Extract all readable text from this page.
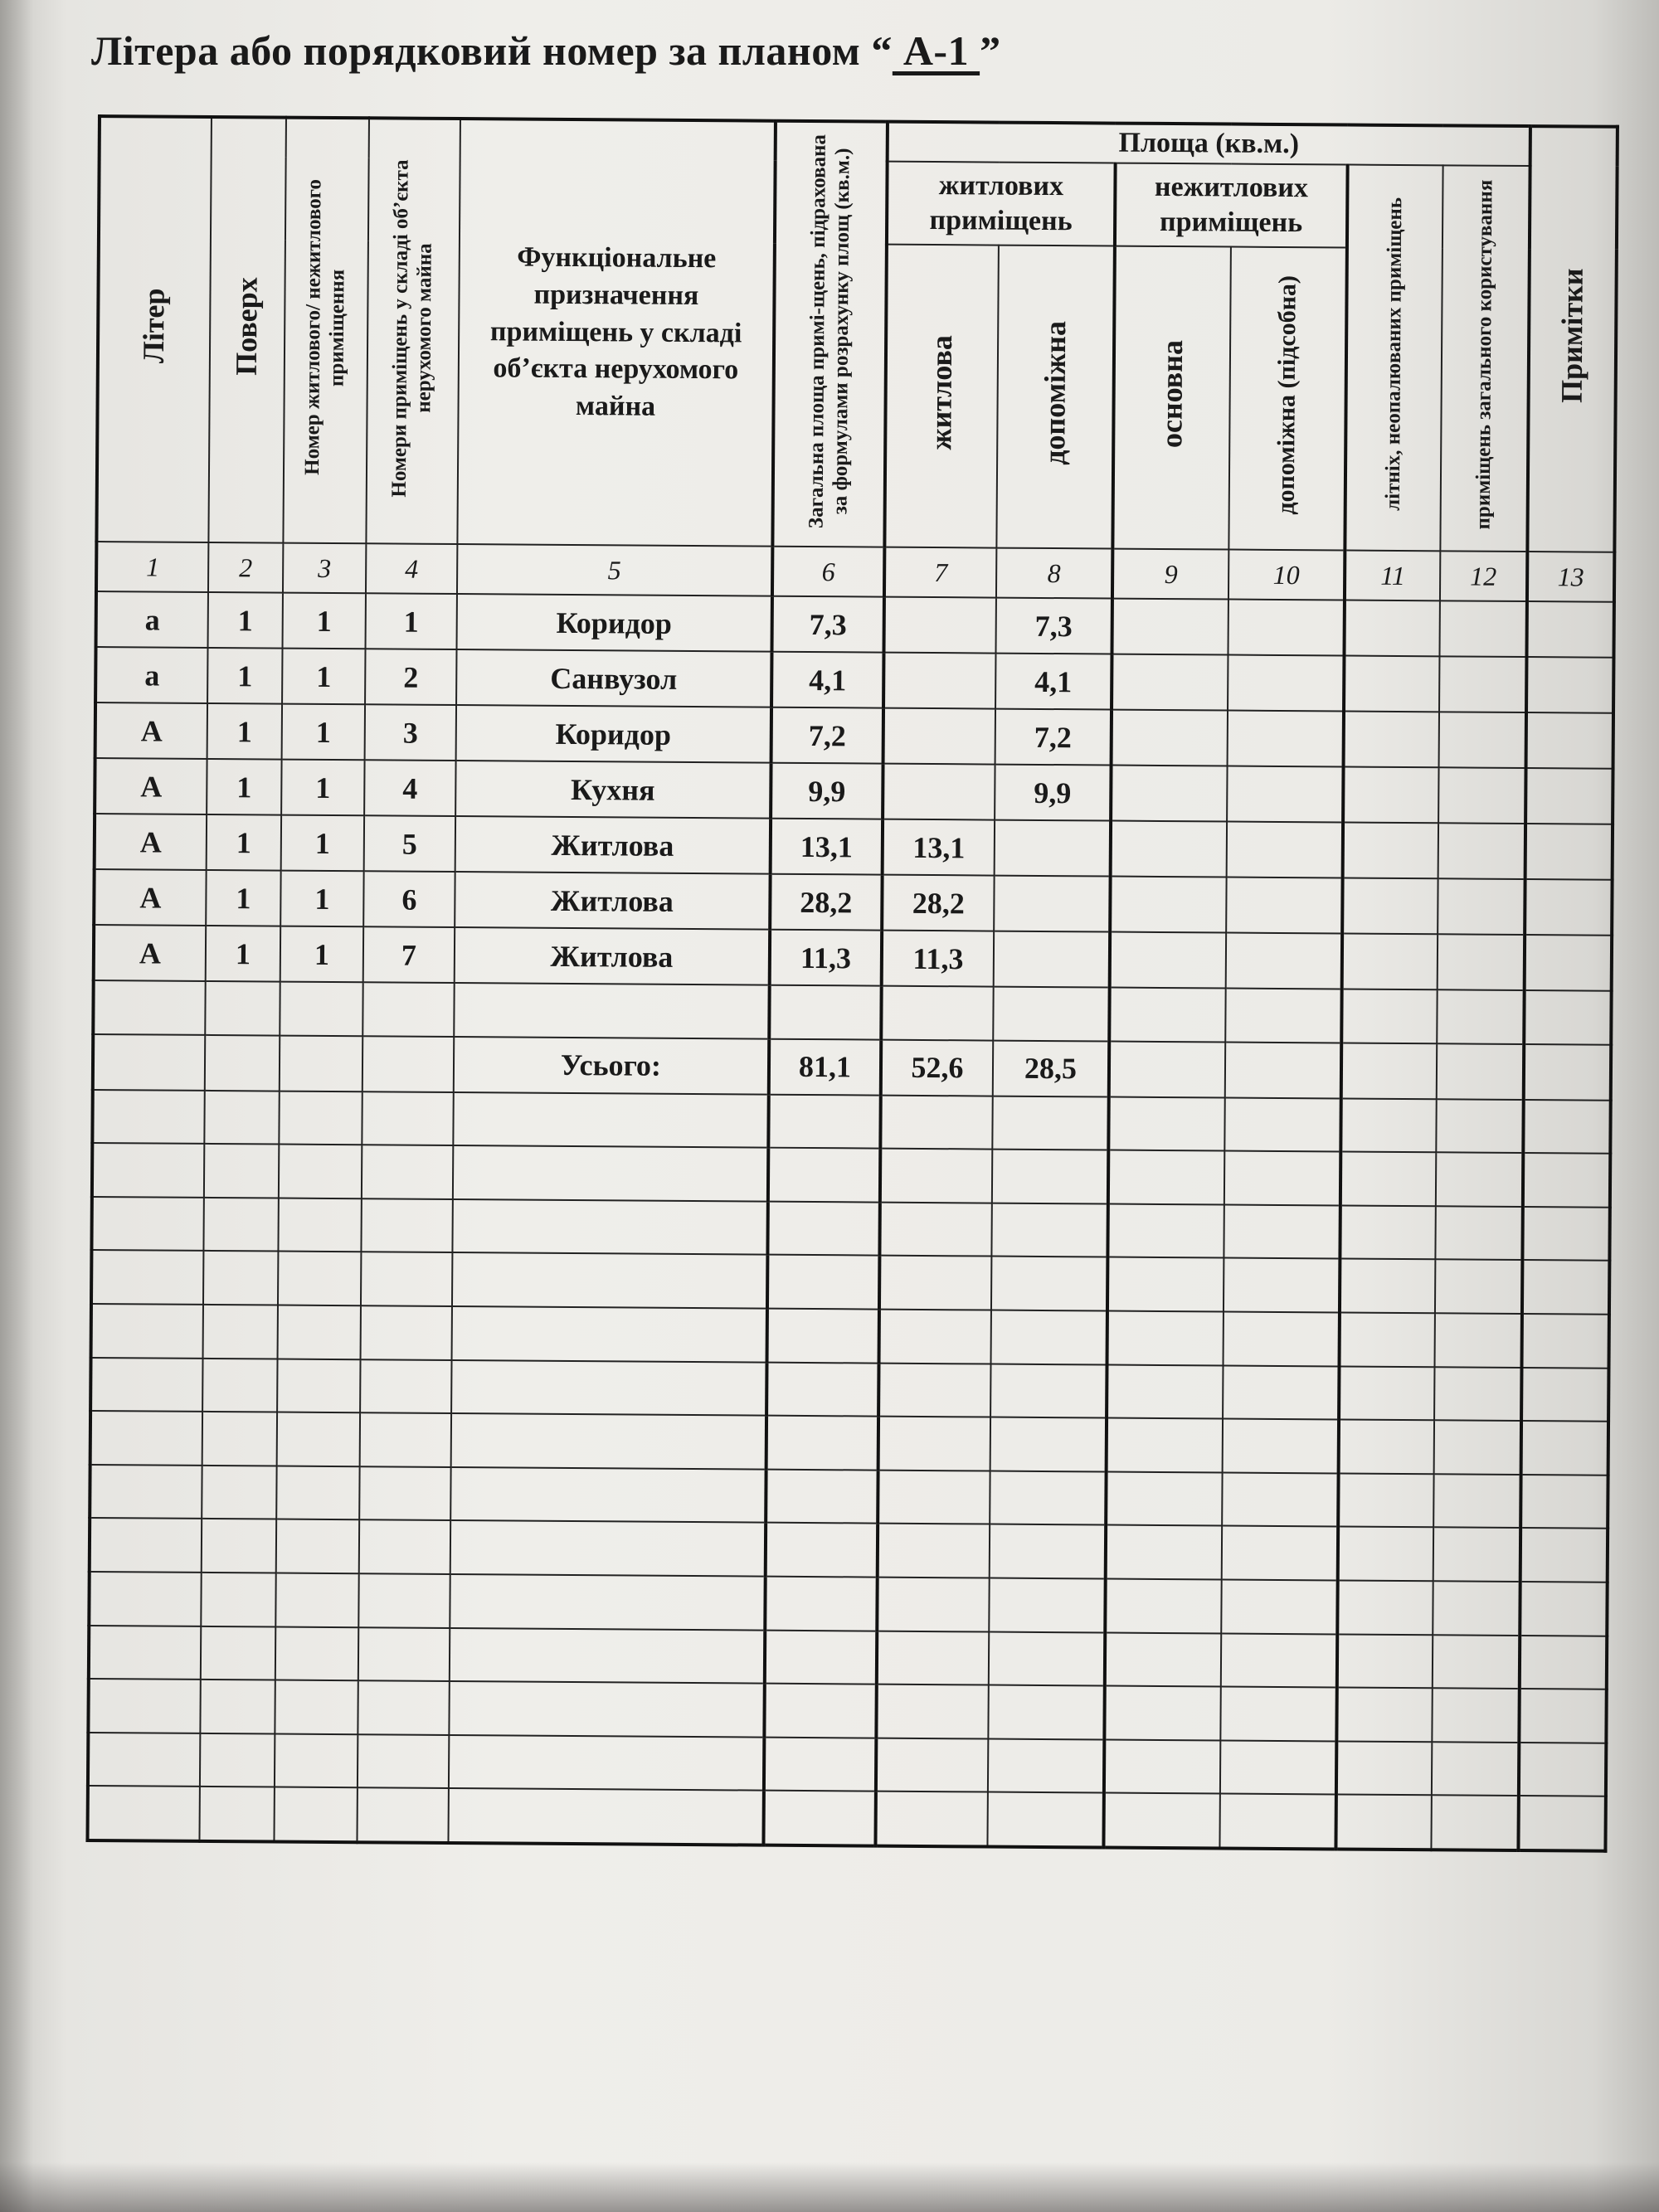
Літера або порядковий номер за планом “ А-1 ”
Літер	Поверх	Номер житлового/ нежитлового приміщення	Номери приміщень у складі об’єкта нерухомого майна	Функціональне призначення приміщень у складі об’єкта нерухомого майна	Загальна площа примі-щень, підрахована за формулами розрахунку площ (кв.м.)	Площа (кв.м.)						Примітки
						житлових приміщень		нежитлових приміщень		літніх, неопалюваних приміщень	приміщень загального користування	
						житлова	допоміжна	основна	допоміжна (підсобна)			
1	2	3	4	5	6	7	8	9	10	11	12	13
а	1	1	1	Коридор	7,3		7,3					
а	1	1	2	Санвузол	4,1		4,1					
А	1	1	3	Коридор	7,2		7,2					
А	1	1	4	Кухня	9,9		9,9					
А	1	1	5	Житлова	13,1	13,1						
А	1	1	6	Житлова	28,2	28,2						
А	1	1	7	Житлова	11,3	11,3						

				Усього:	81,1	52,6	28,5					
